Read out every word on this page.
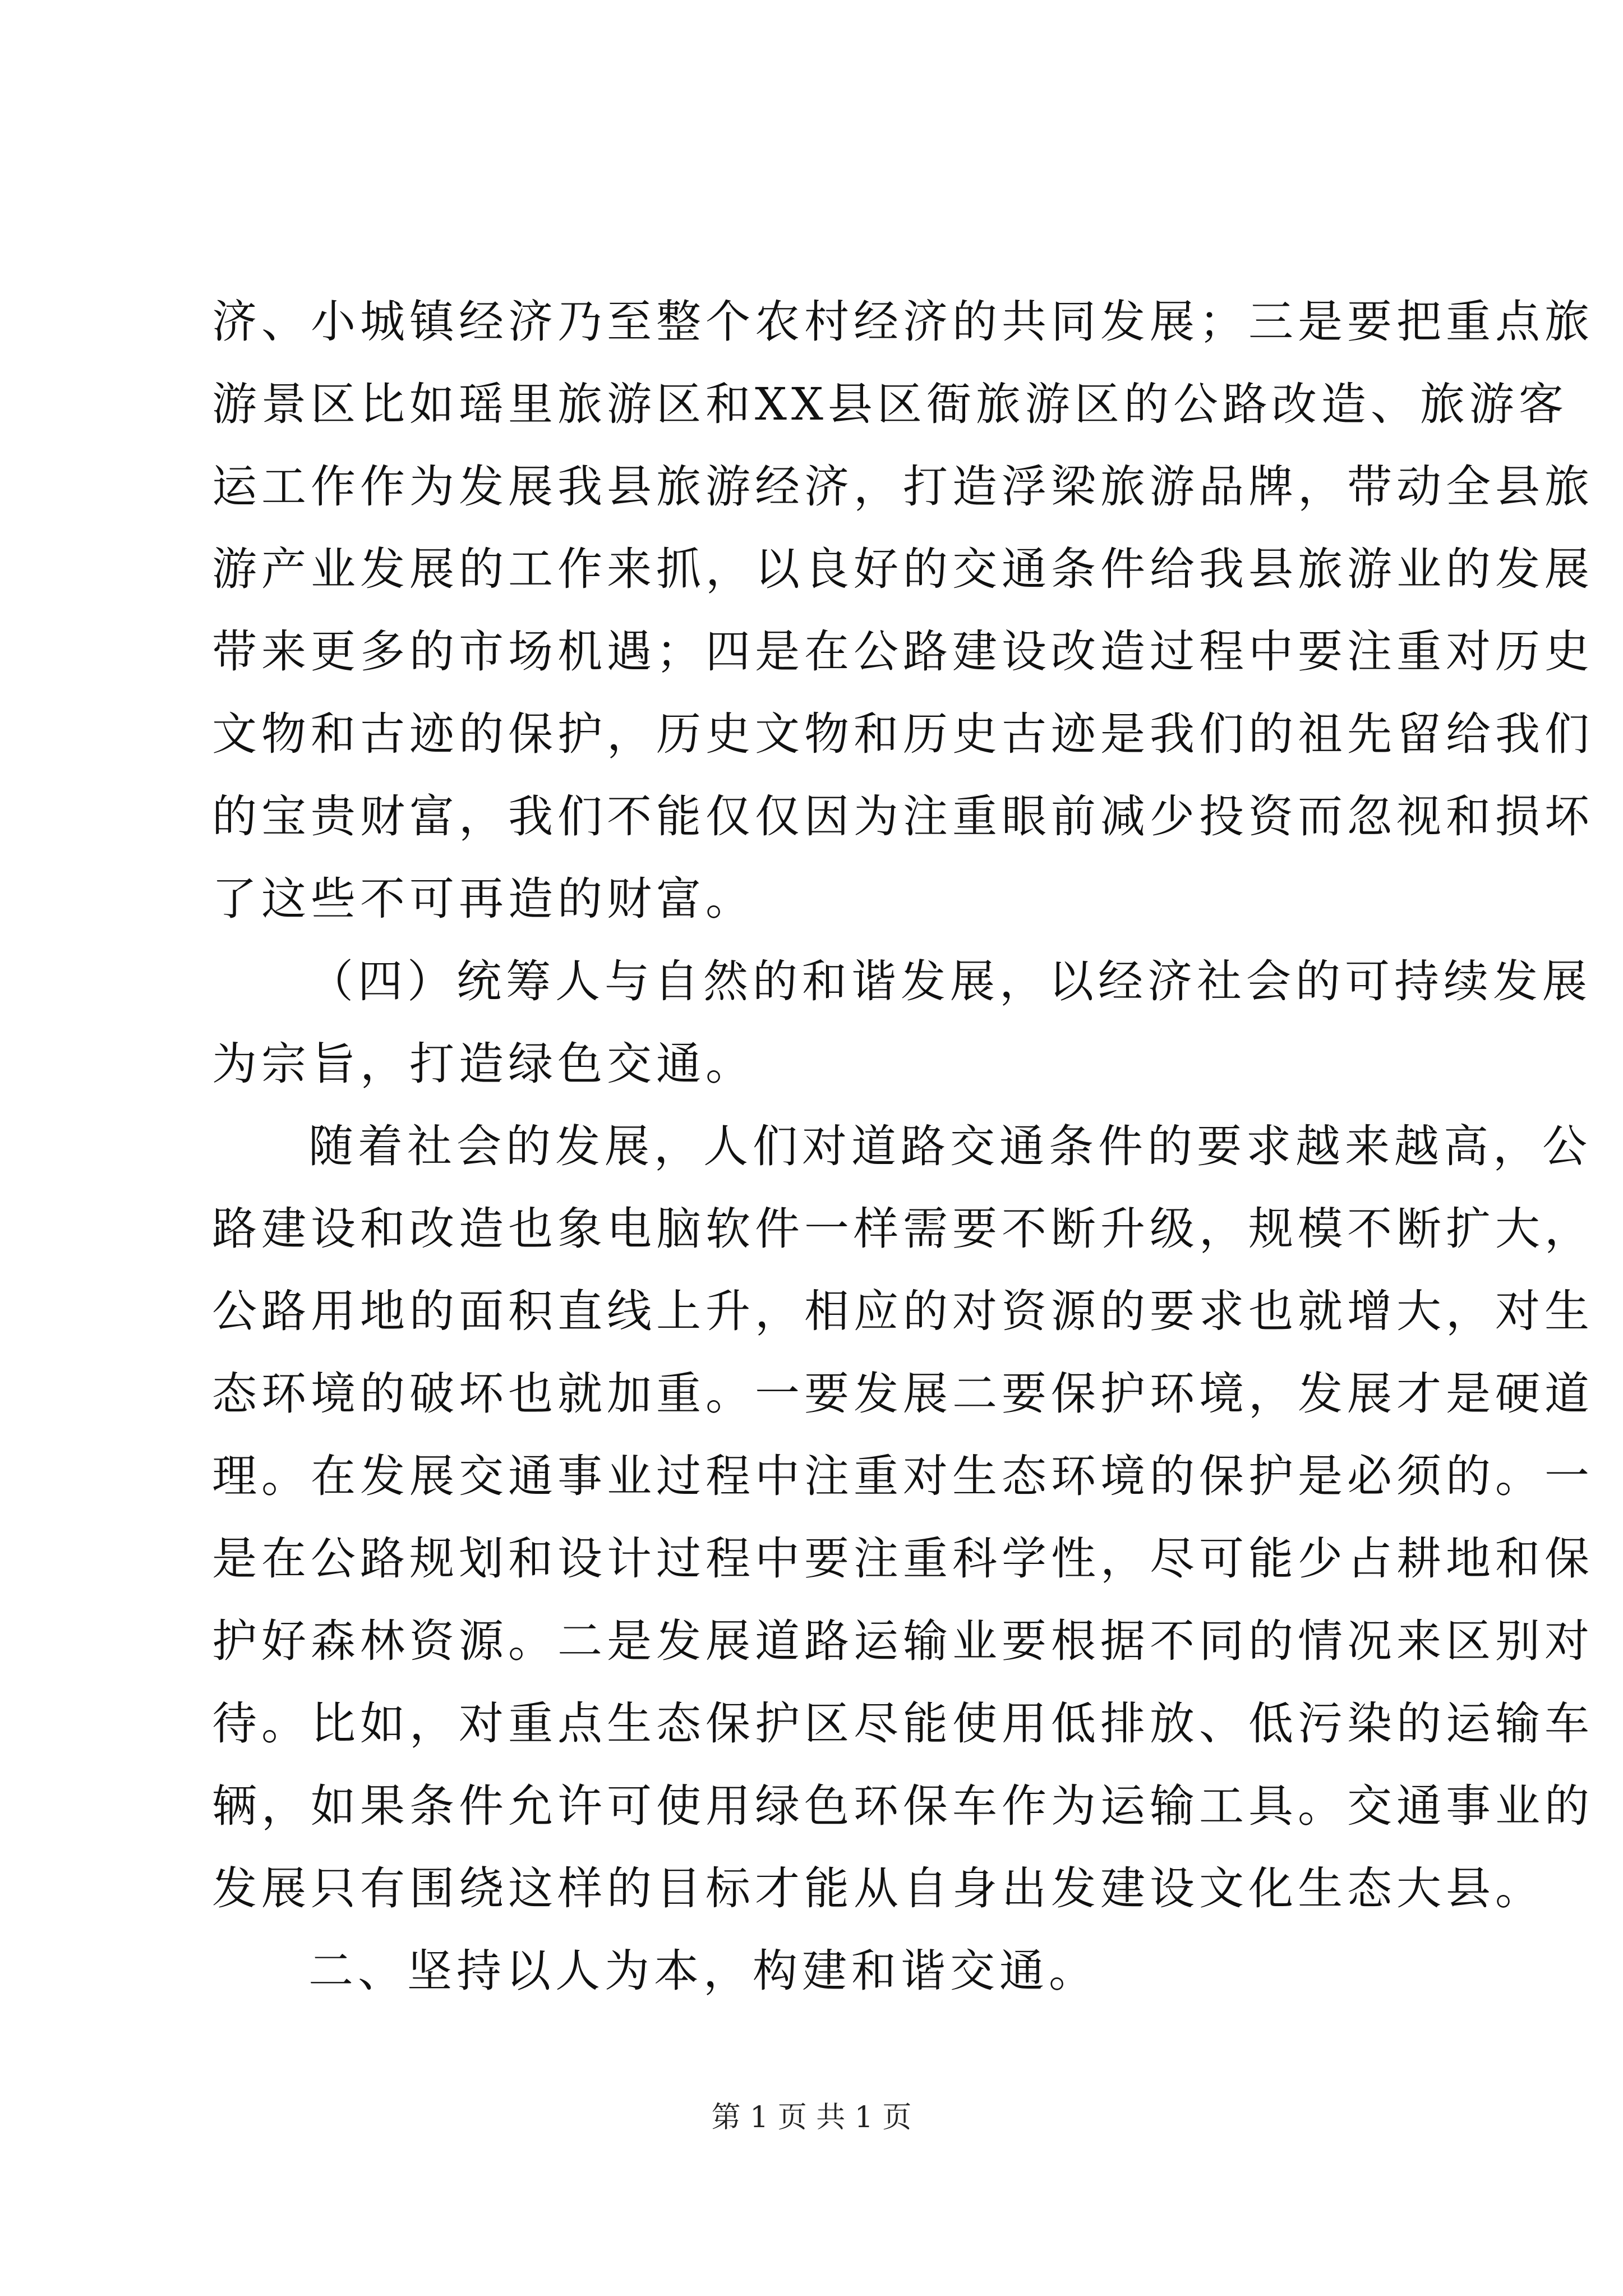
济、小城镇经济乃至整个农村经济的共同发展；三是要把重点旅
游景区比如瑶里旅游区和XX县区衙旅游区的公路改造、旅游客
运工作作为发展我县旅游经济，打造浮梁旅游品牌，带动全县旅
游产业发展的工作来抓，以良好的交通条件给我县旅游业的发展
带来更多的市场机遇；四是在公路建设改造过程中要注重对历史
文物和古迹的保护，历史文物和历史古迹是我们的祖先留给我们
的宝贵财富，我们不能仅仅因为注重眼前减少投资而忽视和损坏
了这些不可再造的财富。
（四）统筹人与自然的和谐发展，以经济社会的可持续发展
为宗旨，打造绿色交通。
随着社会的发展，人们对道路交通条件的要求越来越高，公
路建设和改造也象电脑软件一样需要不断升级，规模不断扩大，
公路用地的面积直线上升，相应的对资源的要求也就增大，对生
态环境的破坏也就加重。一要发展二要保护环境，发展才是硬道
理。在发展交通事业过程中注重对生态环境的保护是必须的。一
是在公路规划和设计过程中要注重科学性，尽可能少占耕地和保
护好森林资源。二是发展道路运输业要根据不同的情况来区别对
待。比如，对重点生态保护区尽能使用低排放、低污染的运输车
辆，如果条件允许可使用绿色环保车作为运输工具。交通事业的
发展只有围绕这样的目标才能从自身出发建设文化生态大县。
二、坚持以人为本，构建和谐交通。
第 1 页 共 1 页
